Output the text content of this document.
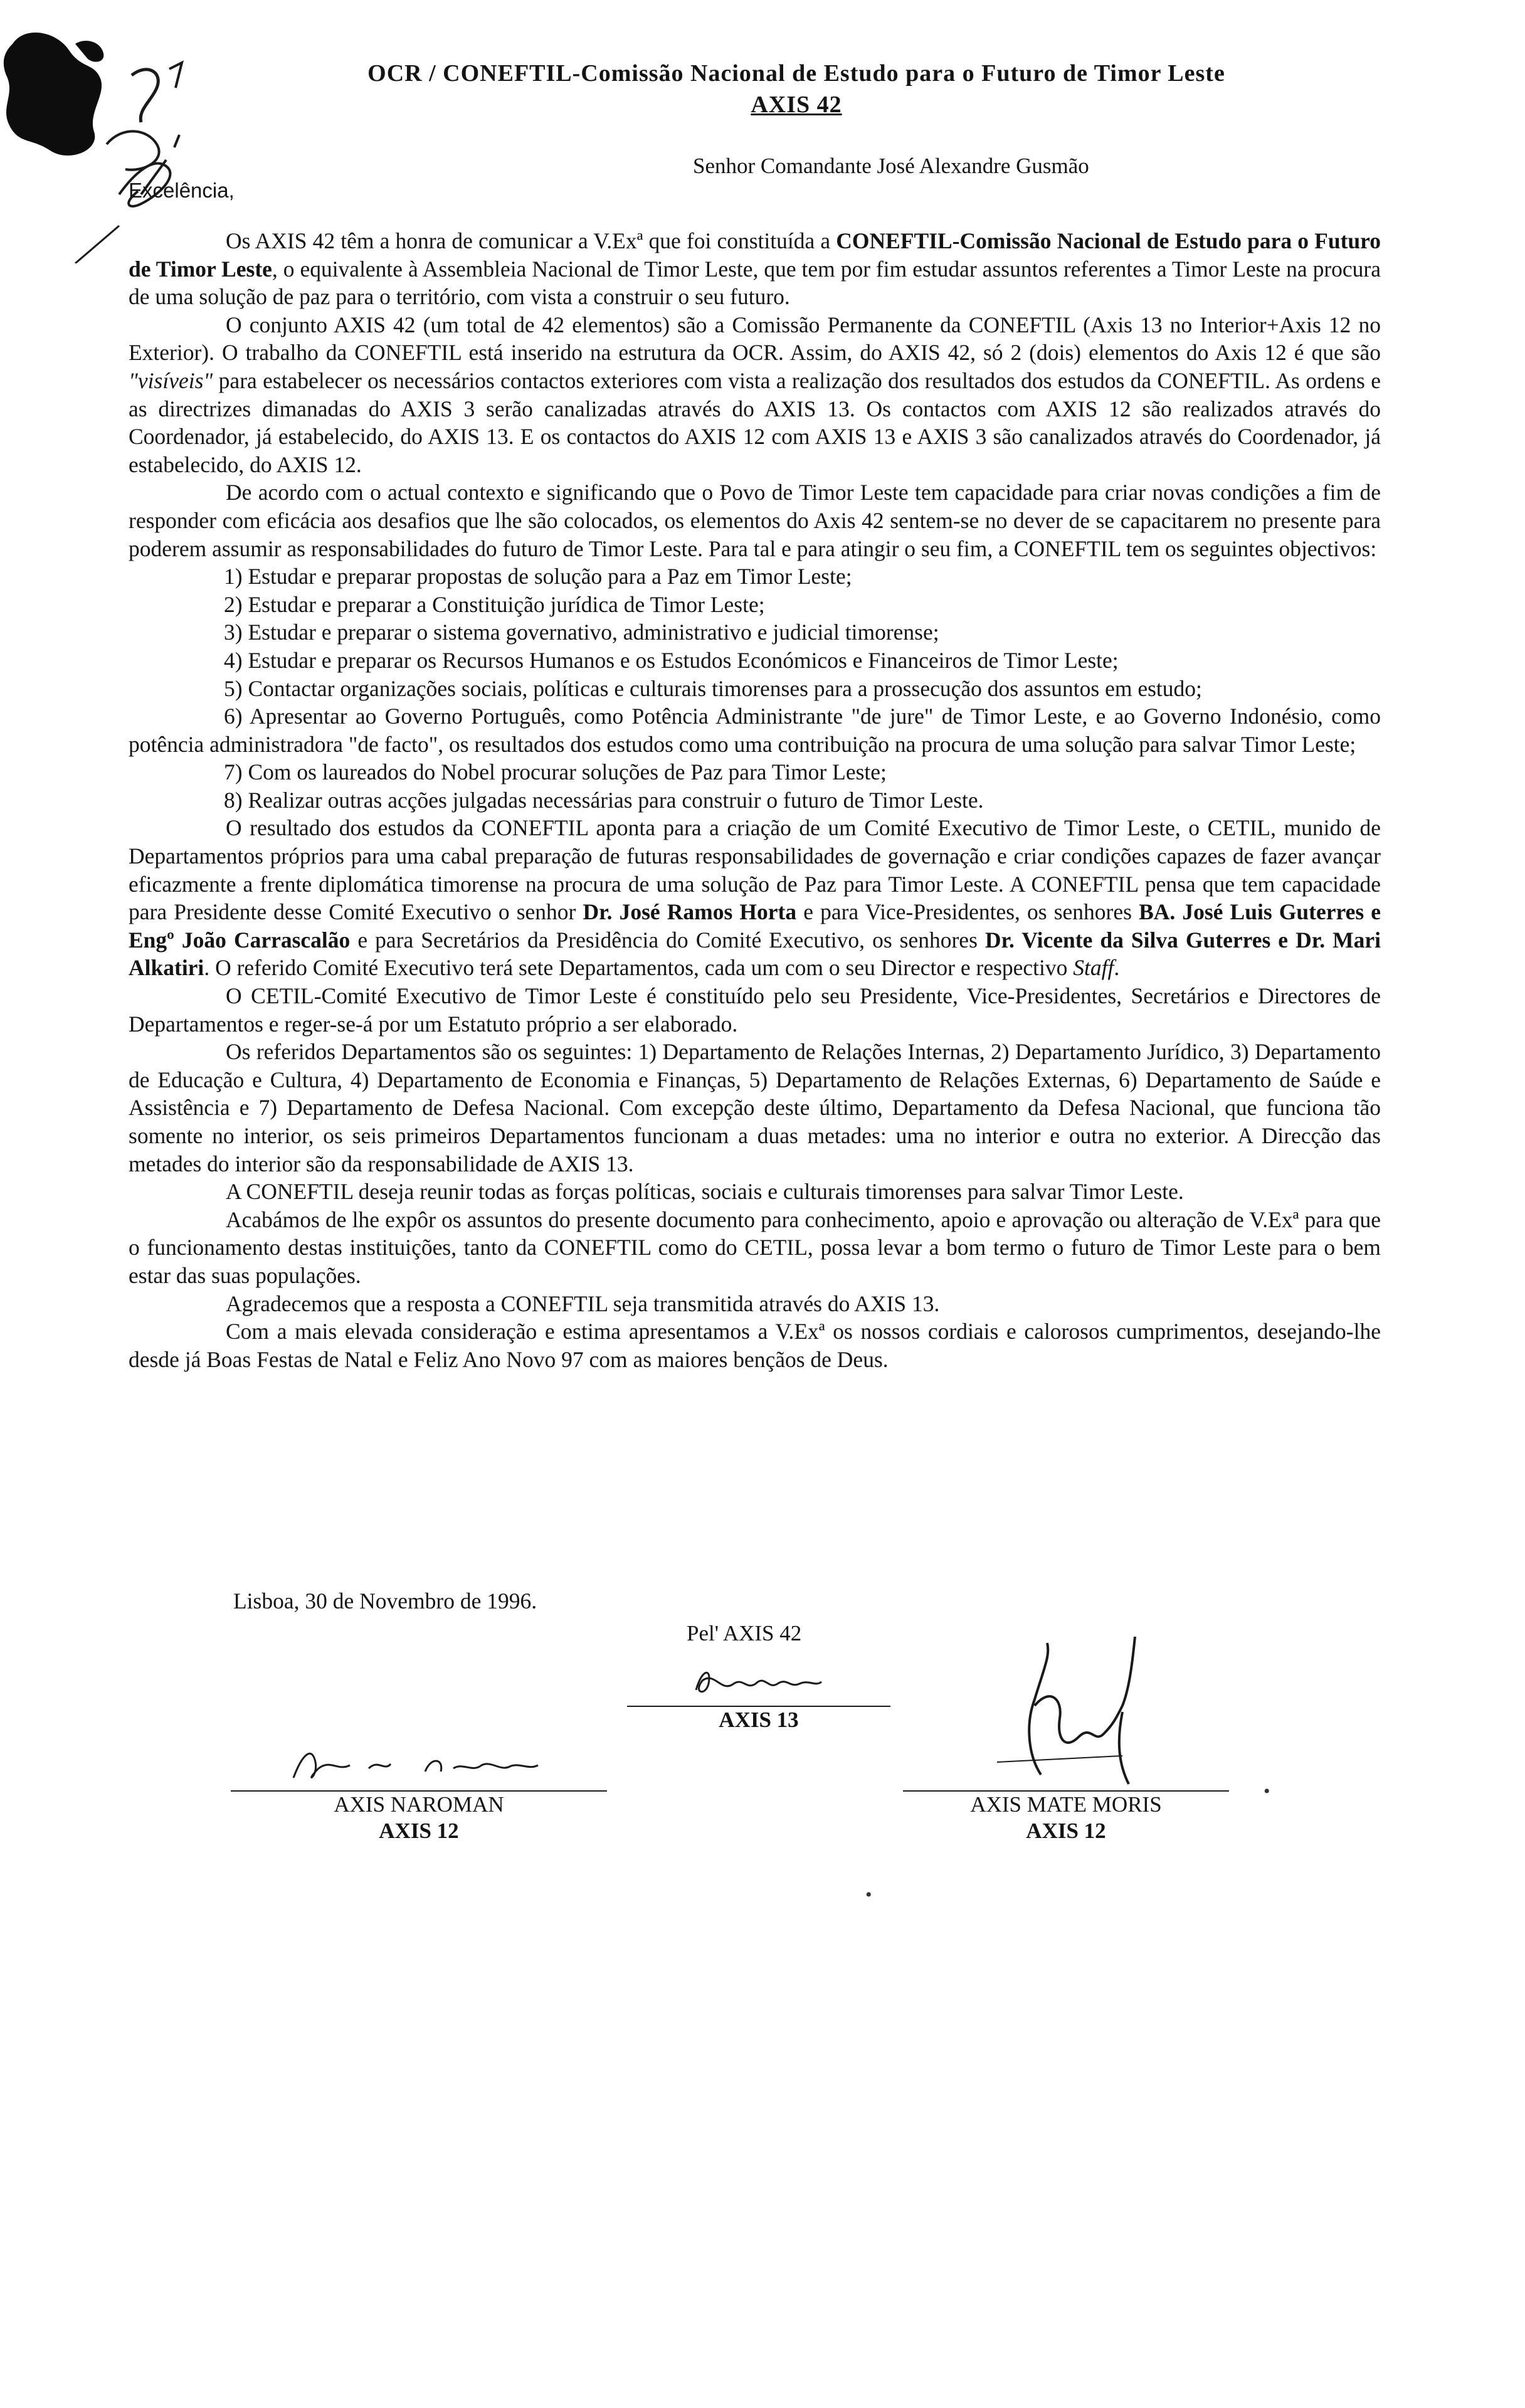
OCR / CONEFTIL-Comissão Nacional de Estudo para o Futuro de Timor Leste
AXIS 42
Senhor Comandante José Alexandre Gusmão
Excelência,

Os AXIS 42 têm a honra de comunicar a V.Exª que foi constituída a CONEFTIL-Comissão Nacional de Estudo para o Futuro de Timor Leste, o equivalente à Assembleia Nacional de Timor Leste, que tem por fim estudar assuntos referentes a Timor Leste na procura de uma solução de paz para o território, com vista a construir o seu futuro.

O conjunto AXIS 42 (um total de 42 elementos) são a Comissão Permanente da CONEFTIL (Axis 13 no Interior+Axis 12 no Exterior). O trabalho da CONEFTIL está inserido na estrutura da OCR. Assim, do AXIS 42, só 2 (dois) elementos do Axis 12 é que são "visíveis" para estabelecer os necessários contactos exteriores com vista a realização dos resultados dos estudos da CONEFTIL. As ordens e as directrizes dimanadas do AXIS 3 serão canalizadas através do AXIS 13. Os contactos com AXIS 12 são realizados através do Coordenador, já estabelecido, do AXIS 13. E os contactos do AXIS 12 com AXIS 13 e AXIS 3 são canalizados através do Coordenador, já estabelecido, do AXIS 12.

De acordo com o actual contexto e significando que o Povo de Timor Leste tem capacidade para criar novas condições a fim de responder com eficácia aos desafios que lhe são colocados, os elementos do Axis 42 sentem-se no dever de se capacitarem no presente para poderem assumir as responsabilidades do futuro de Timor Leste. Para tal e para atingir o seu fim, a CONEFTIL tem os seguintes objectivos:

1) Estudar e preparar propostas de solução para a Paz em Timor Leste;

2) Estudar e preparar a Constituição jurídica de Timor Leste;

3) Estudar e preparar o sistema governativo, administrativo e judicial timorense;

4) Estudar e preparar os Recursos Humanos e os Estudos Económicos e Financeiros de Timor Leste;

5) Contactar organizações sociais, políticas e culturais timorenses para a prossecução dos assuntos em estudo;

6) Apresentar ao Governo Português, como Potência Administrante "de jure" de Timor Leste, e ao Governo Indonésio, como potência administradora "de facto", os resultados dos estudos como uma contribuição na procura de uma solução para salvar Timor Leste;

7) Com os laureados do Nobel procurar soluções de Paz para Timor Leste;

8) Realizar outras acções julgadas necessárias para construir o futuro de Timor Leste.

O resultado dos estudos da CONEFTIL aponta para a criação de um Comité Executivo de Timor Leste, o CETIL, munido de Departamentos próprios para uma cabal preparação de futuras responsabilidades de governação e criar condições capazes de fazer avançar eficazmente a frente diplomática timorense na procura de uma solução de Paz para Timor Leste. A CONEFTIL pensa que tem capacidade para Presidente desse Comité Executivo o senhor Dr. José Ramos Horta e para Vice-Presidentes, os senhores BA. José Luis Guterres e Engº João Carrascalão e para Secretários da Presidência do Comité Executivo, os senhores Dr. Vicente da Silva Guterres e Dr. Mari Alkatiri. O referido Comité Executivo terá sete Departamentos, cada um com o seu Director e respectivo Staff.

O CETIL-Comité Executivo de Timor Leste é constituído pelo seu Presidente, Vice-Presidentes, Secretários e Directores de Departamentos e reger-se-á por um Estatuto próprio a ser elaborado.

Os referidos Departamentos são os seguintes: 1) Departamento de Relações Internas, 2) Departamento Jurídico, 3) Departamento de Educação e Cultura, 4) Departamento de Economia e Finanças, 5) Departamento de Relações Externas, 6) Departamento de Saúde e Assistência e 7) Departamento de Defesa Nacional. Com excepção deste último, Departamento da Defesa Nacional, que funciona tão somente no interior, os seis primeiros Departamentos funcionam a duas metades: uma no interior e outra no exterior. A Direcção das metades do interior são da responsabilidade de AXIS 13.

A CONEFTIL deseja reunir todas as forças políticas, sociais e culturais timorenses para salvar Timor Leste.

Acabámos de lhe expôr os assuntos do presente documento para conhecimento, apoio e aprovação ou alteração de V.Exª para que o funcionamento destas instituições, tanto da CONEFTIL como do CETIL, possa levar a bom termo o futuro de Timor Leste para o bem estar das suas populações.

Agradecemos que a resposta a CONEFTIL seja transmitida através do AXIS 13.

Com a mais elevada consideração e estima apresentamos a V.Exª os nossos cordiais e calorosos cumprimentos, desejando-lhe desde já Boas Festas de Natal e Feliz Ano Novo 97 com as maiores bençãos de Deus.

Lisboa, 30 de Novembro de 1996.
Pel' AXIS 42
AXIS 13
AXIS NAROMAN
AXIS 12
AXIS MATE MORIS
AXIS 12
•
•
